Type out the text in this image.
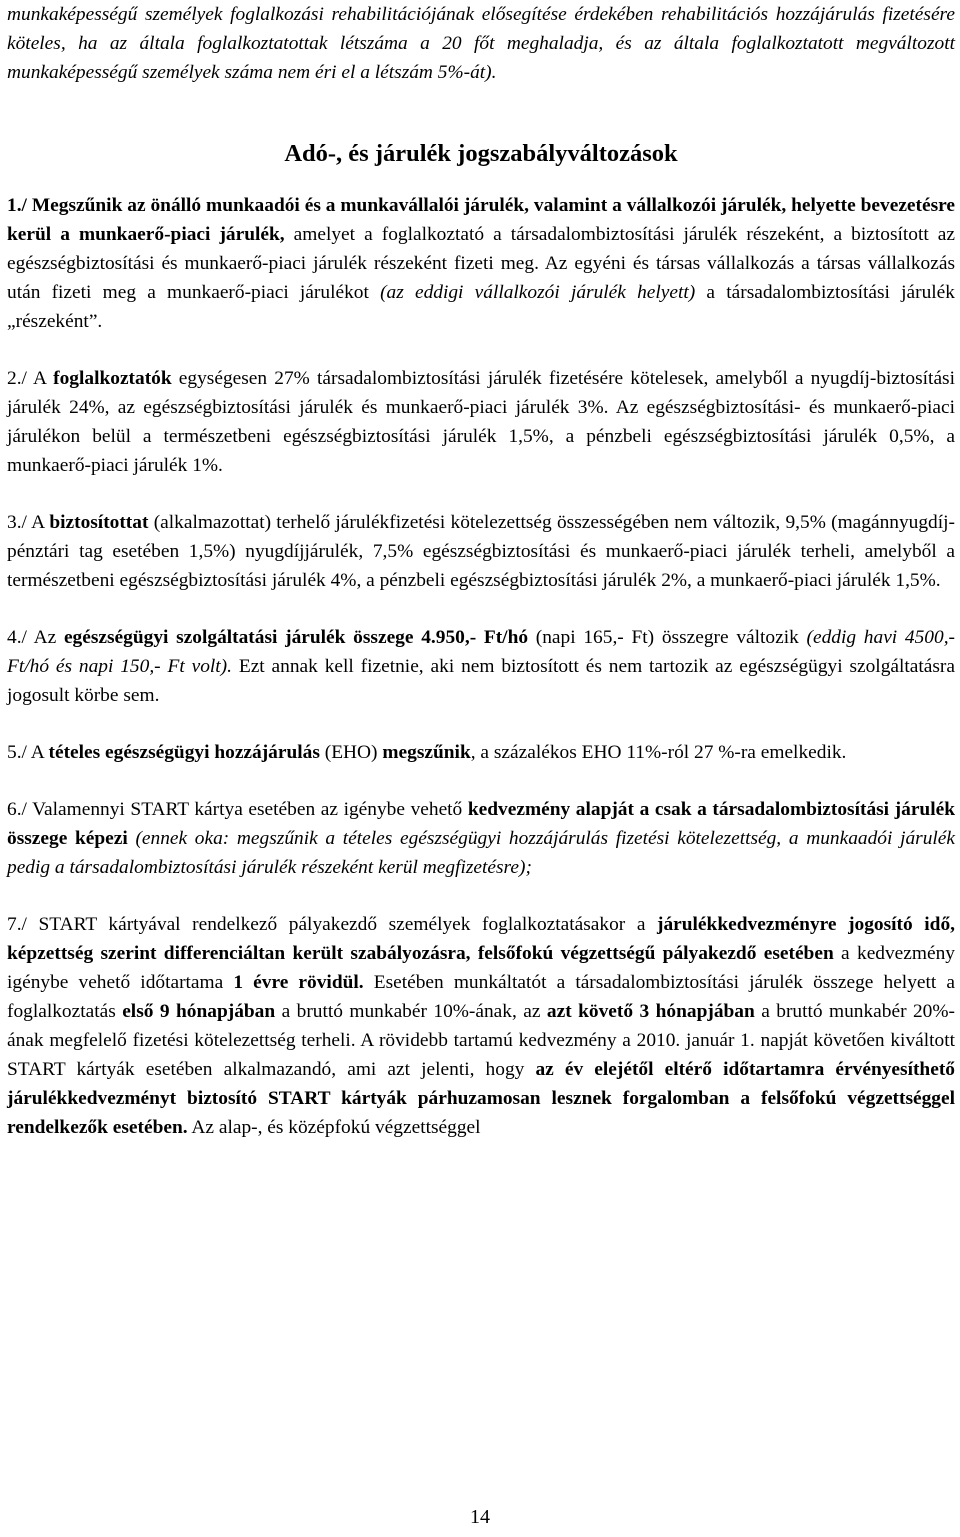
munkaképességű személyek foglalkozási rehabilitációjának elősegítése érdekében rehabilitációs hozzájárulás fizetésére köteles, ha az általa foglalkoztatottak létszáma a 20 főt meghaladja, és az általa foglalkoztatott megváltozott munkaképességű személyek száma nem éri el a létszám 5%-át).

Adó-, és járulék jogszabályváltozások

1./ Megszűnik az önálló munkaadói és a munkavállalói járulék, valamint a vállalkozói járulék, helyette bevezetésre kerül a munkaerő-piaci járulék, amelyet a foglalkoztató a társadalombiztosítási járulék részeként, a biztosított az egészségbiztosítási és munkaerő-piaci járulék részeként fizeti meg. Az egyéni és társas vállalkozás a társas vállalkozás után fizeti meg a munkaerő-piaci járulékot (az eddigi vállalkozói járulék helyett) a társadalombiztosítási járulék „részeként”.

2./ A foglalkoztatók egységesen 27% társadalombiztosítási járulék fizetésére kötelesek, amelyből a nyugdíj-biztosítási járulék 24%, az egészségbiztosítási járulék és munkaerő-piaci járulék 3%. Az egészségbiztosítási- és munkaerő-piaci járulékon belül a természetbeni egészségbiztosítási járulék 1,5%, a pénzbeli egészségbiztosítási járulék 0,5%, a munkaerő-piaci járulék 1%.

3./ A biztosítottat (alkalmazottat) terhelő járulékfizetési kötelezettség összességében nem változik, 9,5% (magánnyugdíj-pénztári tag esetében 1,5%) nyugdíjjárulék, 7,5% egészségbiztosítási és munkaerő-piaci járulék terheli, amelyből a természetbeni egészségbiztosítási járulék 4%, a pénzbeli egészségbiztosítási járulék 2%, a munkaerő-piaci járulék 1,5%.

4./ Az egészségügyi szolgáltatási járulék összege 4.950,- Ft/hó (napi 165,- Ft) összegre változik (eddig havi 4500,- Ft/hó és napi 150,- Ft volt). Ezt annak kell fizetnie, aki nem biztosított és nem tartozik az egészségügyi szolgáltatásra jogosult körbe sem.

5./ A tételes egészségügyi hozzájárulás (EHO) megszűnik, a százalékos EHO 11%-ról 27 %-ra emelkedik.

6./ Valamennyi START kártya esetében az igénybe vehető kedvezmény alapját a csak a társadalombiztosítási járulék összege képezi (ennek oka: megszűnik a tételes egészségügyi hozzájárulás fizetési kötelezettség, a munkaadói járulék pedig a társadalombiztosítási járulék részeként kerül megfizetésre);

7./ START kártyával rendelkező pályakezdő személyek foglalkoztatásakor a járulékkedvezményre jogosító idő, képzettség szerint differenciáltan került szabályozásra, felsőfokú végzettségű pályakezdő esetében a kedvezmény igénybe vehető időtartama 1 évre rövidül. Esetében munkáltatót a társadalombiztosítási járulék összege helyett a foglalkoztatás első 9 hónapjában a bruttó munkabér 10%-ának, az azt követő 3 hónapjában a bruttó munkabér 20%-ának megfelelő fizetési kötelezettség terheli. A rövidebb tartamú kedvezmény a 2010. január 1. napját követően kiváltott START kártyák esetében alkalmazandó, ami azt jelenti, hogy az év elejétől eltérő időtartamra érvényesíthető járulékkedvezményt biztosító START kártyák párhuzamosan lesznek forgalomban a felsőfokú végzettséggel rendelkezők esetében. Az alap-, és középfokú végzettséggel

14
